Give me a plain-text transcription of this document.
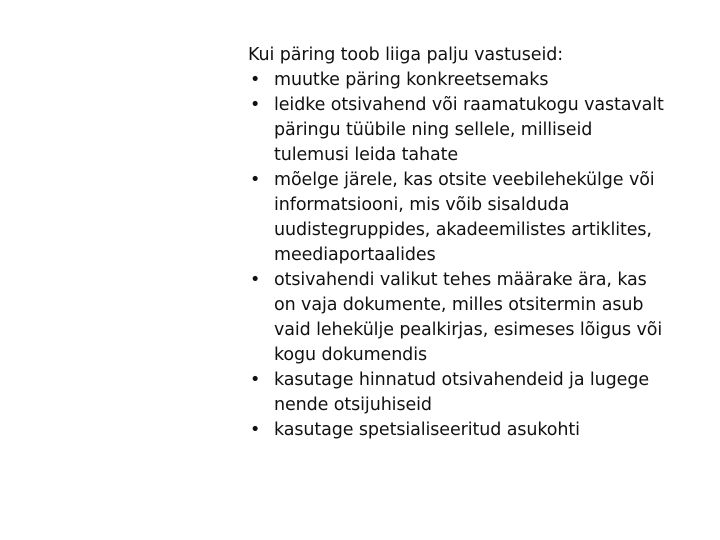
Kui päring toob liiga palju vastuseid:

• muutke päring konkreetsemaks
• leidke otsivahend või raamatukogu vastavalt
päringu tüübile ning sellele, milliseid
tulemusi leida tahate
• mõelge järele, kas otsite veebilehekülge või
informatsiooni, mis võib sisalduda
uudistegruppides, akadeemilistes artiklites,
meediaportaalides
• otsivahendi valikut tehes määrake ära, kas
on vaja dokumente, milles otsitermin asub
vaid lehekülje pealkirjas, esimeses lõigus või
kogu dokumendis
• kasutage hinnatud otsivahendeid ja lugege
nende otsijuhiseid
• kasutage spetsialiseeritud asukohti
